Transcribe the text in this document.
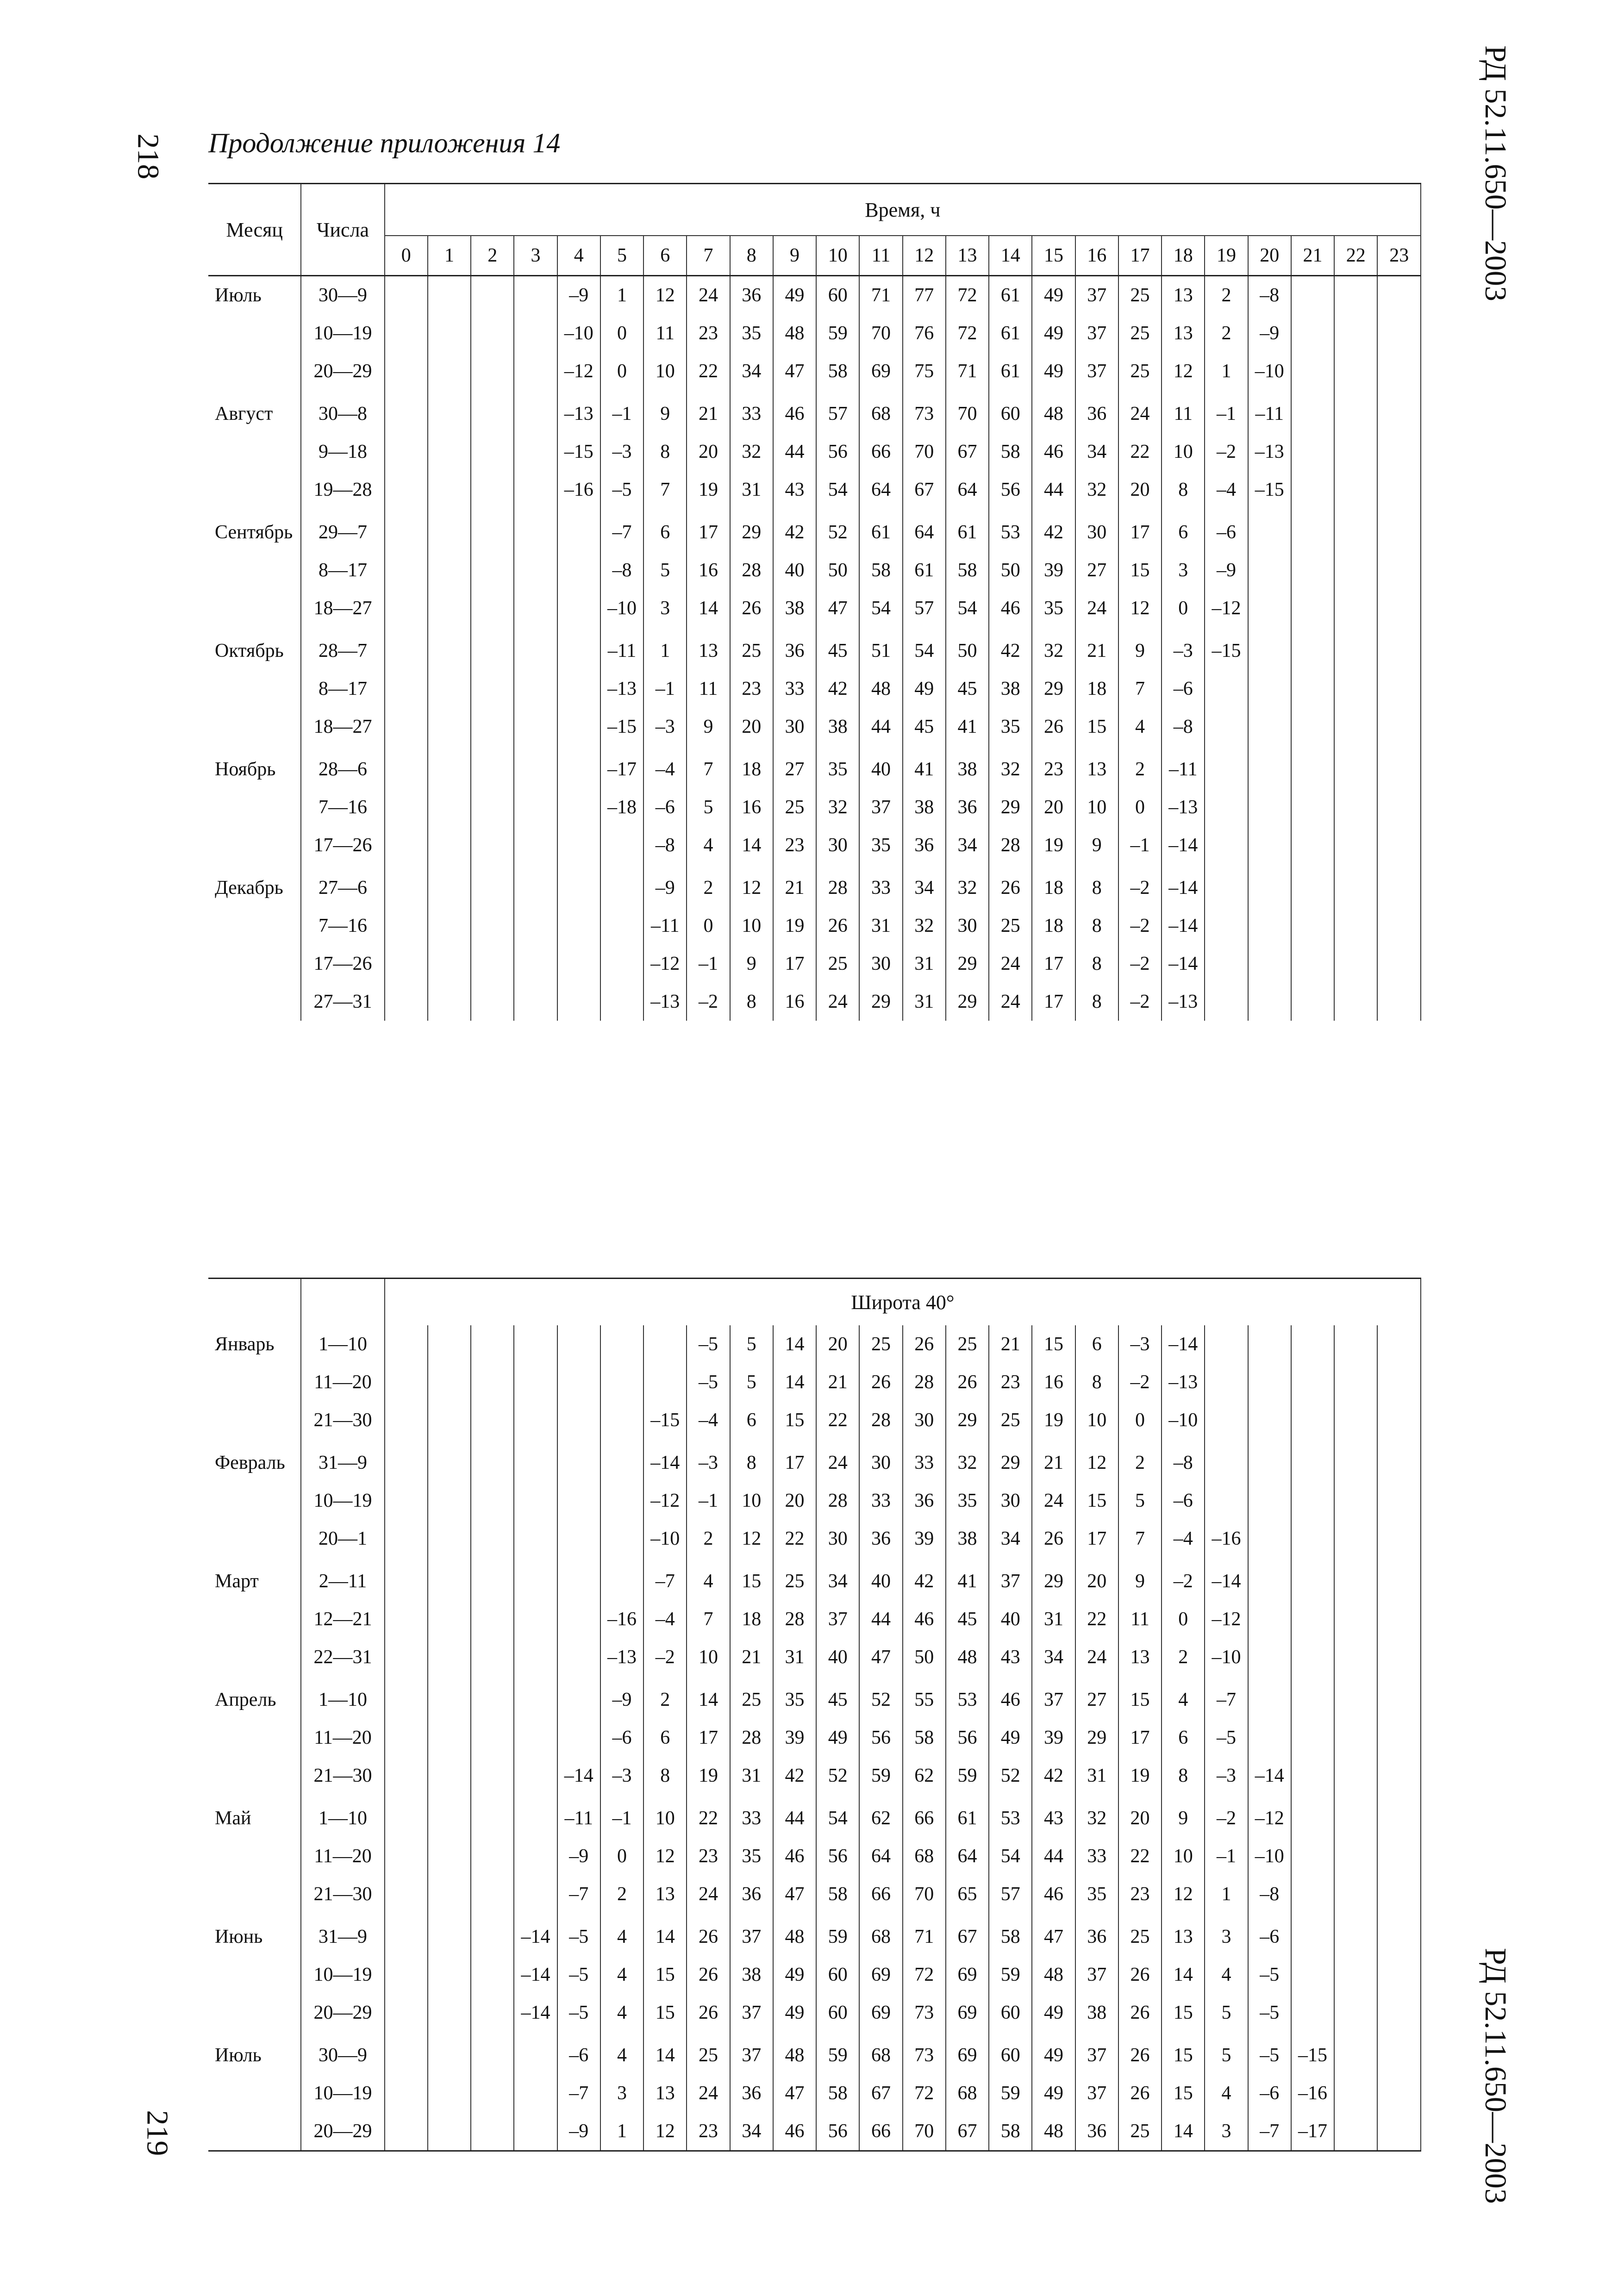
218
219
РД 52.11.650—2003
РД 52.11.650—2003
Продолжение приложения 14
Месяц	Числа	Время, ч																							
		0	1	2	3	4	5	6	7	8	9	10	11	12	13	14	15	16	17	18	19	20	21	22	23
Июль	30—9					–9	1	12	24	36	49	60	71	77	72	61	49	37	25	13	2	–8			
	10—19					–10	0	11	23	35	48	59	70	76	72	61	49	37	25	13	2	–9			
	20—29					–12	0	10	22	34	47	58	69	75	71	61	49	37	25	12	1	–10			

Август	30—8					–13	–1	9	21	33	46	57	68	73	70	60	48	36	24	11	–1	–11			
	9—18					–15	–3	8	20	32	44	56	66	70	67	58	46	34	22	10	–2	–13			
	19—28					–16	–5	7	19	31	43	54	64	67	64	56	44	32	20	8	–4	–15			

Сентябрь	29—7						–7	6	17	29	42	52	61	64	61	53	42	30	17	6	–6				
	8—17						–8	5	16	28	40	50	58	61	58	50	39	27	15	3	–9				
	18—27						–10	3	14	26	38	47	54	57	54	46	35	24	12	0	–12				

Октябрь	28—7						–11	1	13	25	36	45	51	54	50	42	32	21	9	–3	–15				
	8—17						–13	–1	11	23	33	42	48	49	45	38	29	18	7	–6					
	18—27						–15	–3	9	20	30	38	44	45	41	35	26	15	4	–8					

Ноябрь	28—6						–17	–4	7	18	27	35	40	41	38	32	23	13	2	–11					
	7—16						–18	–6	5	16	25	32	37	38	36	29	20	10	0	–13					
	17—26							–8	4	14	23	30	35	36	34	28	19	9	–1	–14					

Декабрь	27—6							–9	2	12	21	28	33	34	32	26	18	8	–2	–14					
	7—16							–11	0	10	19	26	31	32	30	25	18	8	–2	–14					
	17—26							–12	–1	9	17	25	30	31	29	24	17	8	–2	–14					
	27—31							–13	–2	8	16	24	29	31	29	24	17	8	–2	–13					
		Широта 40°																							
Январь	1—10								–5	5	14	20	25	26	25	21	15	6	–3	–14					
	11—20								–5	5	14	21	26	28	26	23	16	8	–2	–13					
	21—30							–15	–4	6	15	22	28	30	29	25	19	10	0	–10					

Февраль	31—9							–14	–3	8	17	24	30	33	32	29	21	12	2	–8					
	10—19							–12	–1	10	20	28	33	36	35	30	24	15	5	–6					
	20—1							–10	2	12	22	30	36	39	38	34	26	17	7	–4	–16				

Март	2—11							–7	4	15	25	34	40	42	41	37	29	20	9	–2	–14				
	12—21						–16	–4	7	18	28	37	44	46	45	40	31	22	11	0	–12				
	22—31						–13	–2	10	21	31	40	47	50	48	43	34	24	13	2	–10				

Апрель	1—10						–9	2	14	25	35	45	52	55	53	46	37	27	15	4	–7				
	11—20						–6	6	17	28	39	49	56	58	56	49	39	29	17	6	–5				
	21—30					–14	–3	8	19	31	42	52	59	62	59	52	42	31	19	8	–3	–14			

Май	1—10					–11	–1	10	22	33	44	54	62	66	61	53	43	32	20	9	–2	–12			
	11—20					–9	0	12	23	35	46	56	64	68	64	54	44	33	22	10	–1	–10			
	21—30					–7	2	13	24	36	47	58	66	70	65	57	46	35	23	12	1	–8			

Июнь	31—9				–14	–5	4	14	26	37	48	59	68	71	67	58	47	36	25	13	3	–6			
	10—19				–14	–5	4	15	26	38	49	60	69	72	69	59	48	37	26	14	4	–5			
	20—29				–14	–5	4	15	26	37	49	60	69	73	69	60	49	38	26	15	5	–5			

Июль	30—9					–6	4	14	25	37	48	59	68	73	69	60	49	37	26	15	5	–5	–15		
	10—19					–7	3	13	24	36	47	58	67	72	68	59	49	37	26	15	4	–6	–16		
	20—29					–9	1	12	23	34	46	56	66	70	67	58	48	36	25	14	3	–7	–17		
